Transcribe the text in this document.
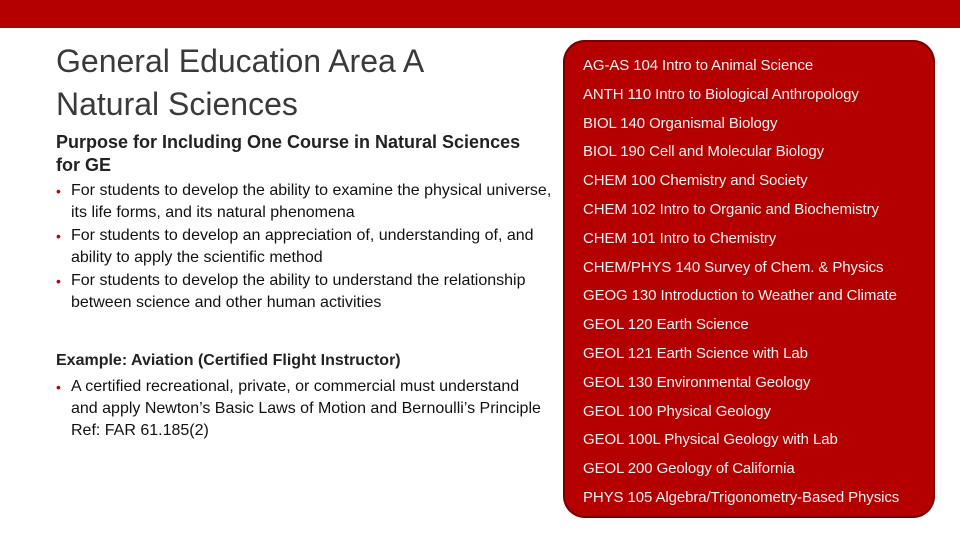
General Education Area A
Natural Sciences
Purpose for Including One Course in Natural Sciences for GE
• For students to develop the ability to examine the physical universe, its life forms, and its natural phenomena
• For students to develop an appreciation of, understanding of, and ability to apply the scientific method
• For students to develop the ability to understand the relationship between science and other human activities
Example: Aviation (Certified Flight Instructor)
• A certified recreational, private, or commercial must understand and apply Newton’s Basic Laws of Motion and Bernoulli’s Principle Ref: FAR 61.185(2)
AG-AS 104 Intro to Animal Science
ANTH 110 Intro to Biological Anthropology
BIOL 140 Organismal Biology
BIOL 190 Cell and Molecular Biology
CHEM 100 Chemistry and Society
CHEM 102 Intro to Organic and Biochemistry
CHEM 101 Intro to Chemistry
CHEM/PHYS 140 Survey of Chem. & Physics
GEOG 130 Introduction to Weather and Climate
GEOL 120 Earth Science
GEOL 121 Earth Science with Lab
GEOL 130 Environmental Geology
GEOL 100 Physical Geology
GEOL 100L Physical Geology with Lab
GEOL 200 Geology of California
PHYS 105 Algebra/Trigonometry-Based Physics
